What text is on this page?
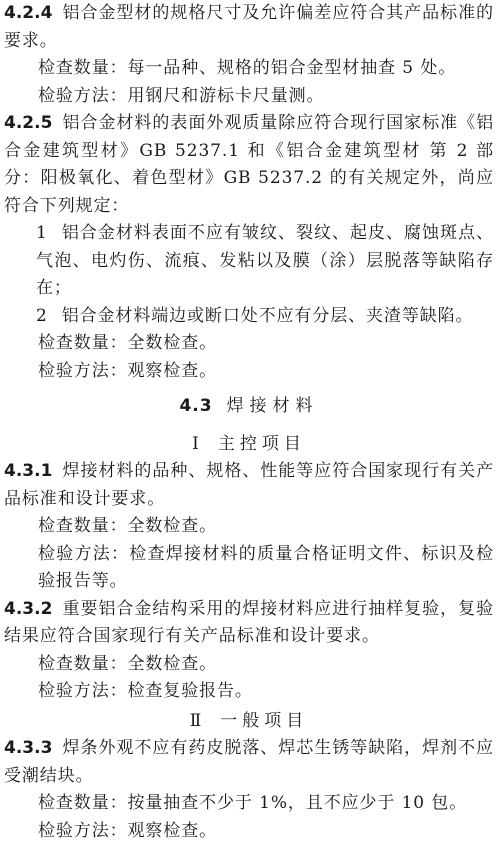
4.2.4 铝合金型材的规格尺寸及允许偏差应符合其产品标准的要求。

检查数量：每一品种、规格的铝合金型材抽查 5 处。

检验方法：用钢尺和游标卡尺量测。

4.2.5 铝合金材料的表面外观质量除应符合现行国家标准《铝合金建筑型材》GB 5237.1 和《铝合金建筑型材 第 2 部分：阳极氧化、着色型材》GB 5237.2 的有关规定外，尚应符合下列规定：

1 铝合金材料表面不应有皱纹、裂纹、起皮、腐蚀斑点、气泡、电灼伤、流痕、发粘以及膜（涂）层脱落等缺陷存在；

2 铝合金材料端边或断口处不应有分层、夹渣等缺陷。

检查数量：全数检查。

检验方法：观察检查。

4.3 焊接材料

Ⅰ 主控项目

4.3.1 焊接材料的品种、规格、性能等应符合国家现行有关产品标准和设计要求。

检查数量：全数检查。

检验方法：检查焊接材料的质量合格证明文件、标识及检验报告等。

4.3.2 重要铝合金结构采用的焊接材料应进行抽样复验，复验结果应符合国家现行有关产品标准和设计要求。

检查数量：全数检查。

检验方法：检查复验报告。

Ⅱ 一般项目

4.3.3 焊条外观不应有药皮脱落、焊芯生锈等缺陷，焊剂不应受潮结块。

检查数量：按量抽查不少于 1%，且不应少于 10 包。

检验方法：观察检查。
